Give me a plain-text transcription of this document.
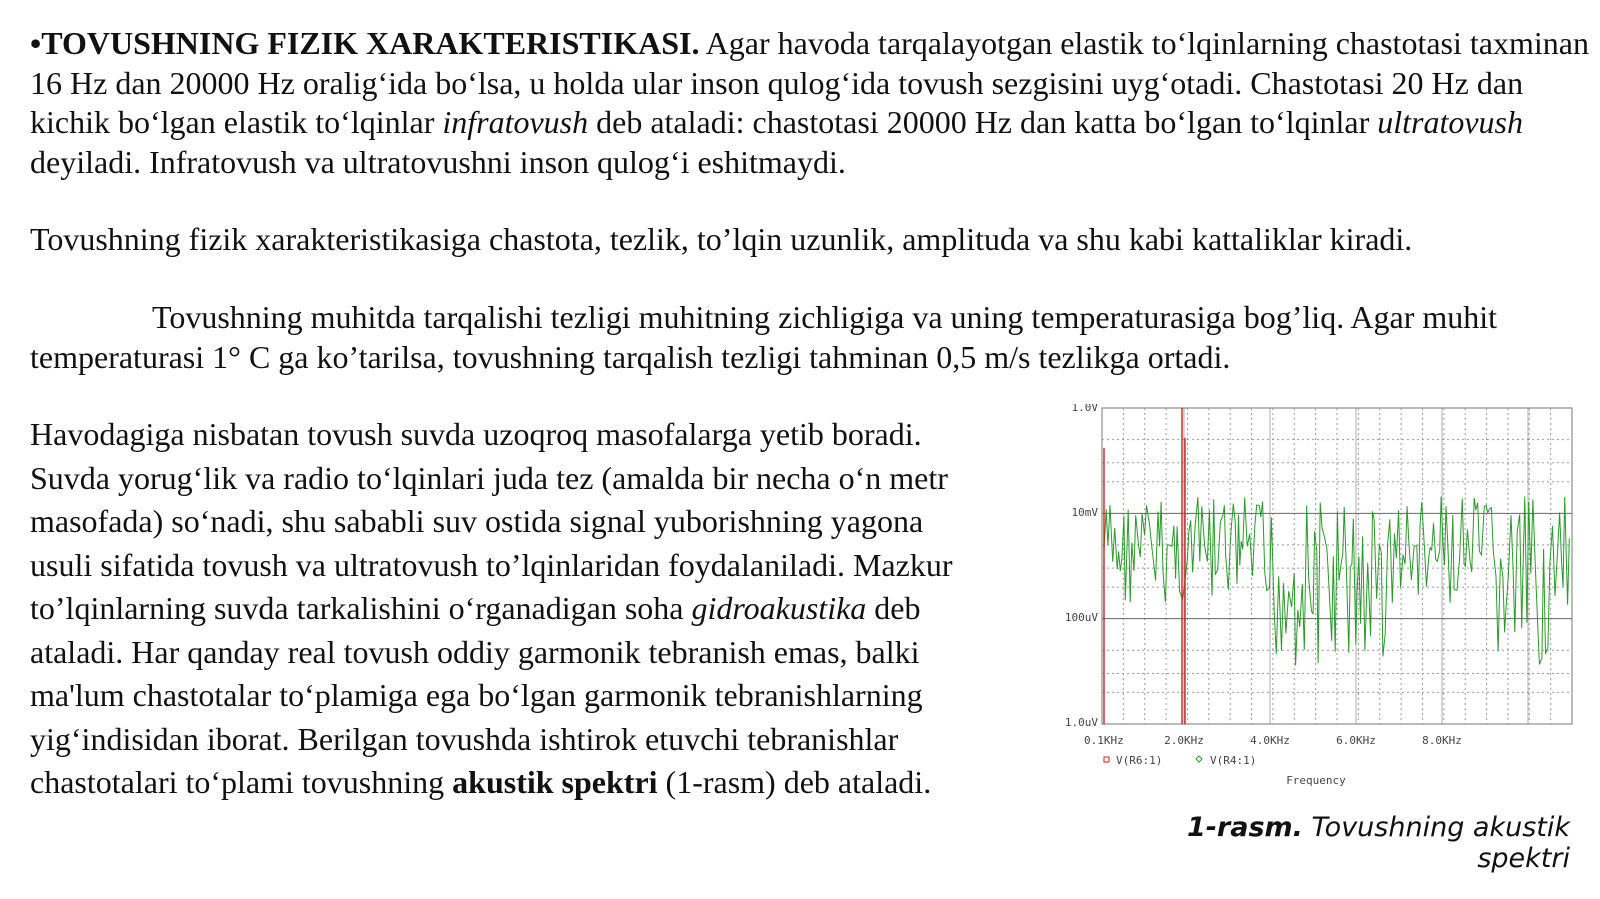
•TOVUSHNING FIZIK XARAKTERISTIKASI. Agar havoda tarqalayotgan elastik to‘lqinlarning chastotasi taxminan 16 Hz dan 20000 Hz oralig‘ida bo‘lsa, u holda ular inson qulog‘ida tovush sezgisini uyg‘otadi. Chastotasi 20 Hz dan kichik bo‘lgan elastik to‘lqinlar infratovush deb ataladi: chastotasi 20000 Hz dan katta bo‘lgan to‘lqinlar ultratovush deyiladi. Infratovush va ultratovushni inson qulog‘i eshitmaydi.
Tovushning fizik xarakteristikasiga chastota, tezlik, to’lqin uzunlik, amplituda va shu kabi kattaliklar kiradi.
Tovushning muhitda tarqalishi tezligi muhitning zichligiga va uning temperaturasiga bog’liq. Agar muhit temperaturasi 1° C ga ko’tarilsa, tovushning tarqalish tezligi tahminan 0,5 m/s tezlikga ortadi.
Havodagiga nisbatan tovush suvda uzoqroq masofalarga yetib boradi. Suvda yorug‘lik va radio to‘lqinlari juda tez (amalda bir necha o‘n metr masofada) so‘nadi, shu sababli suv ostida signal yuborishning yagona usuli sifatida tovush va ultratovush to’lqinlaridan foydalaniladi. Mazkur to’lqinlarning suvda tarkalishini o‘rganadigan soha gidroakustika deb ataladi. Har qanday real tovush oddiy garmonik tebranish emas, balki ma'lum chastotalar to‘plamiga ega bo‘lgan garmonik tebranishlarning yig‘indisidan iborat. Berilgan tovushda ishtirok etuvchi tebranishlar chastotalari to‘plami tovushning akustik spektri (1-rasm) deb ataladi.
1.0V
10mV
100uV
1.0uV
0.1KHz	2.0KHz	4.0KHz	6.0KHz	8.0KHz
V(R6:1)	V(R4:1)
Frequency
1-rasm. Tovushning akustik spektri
